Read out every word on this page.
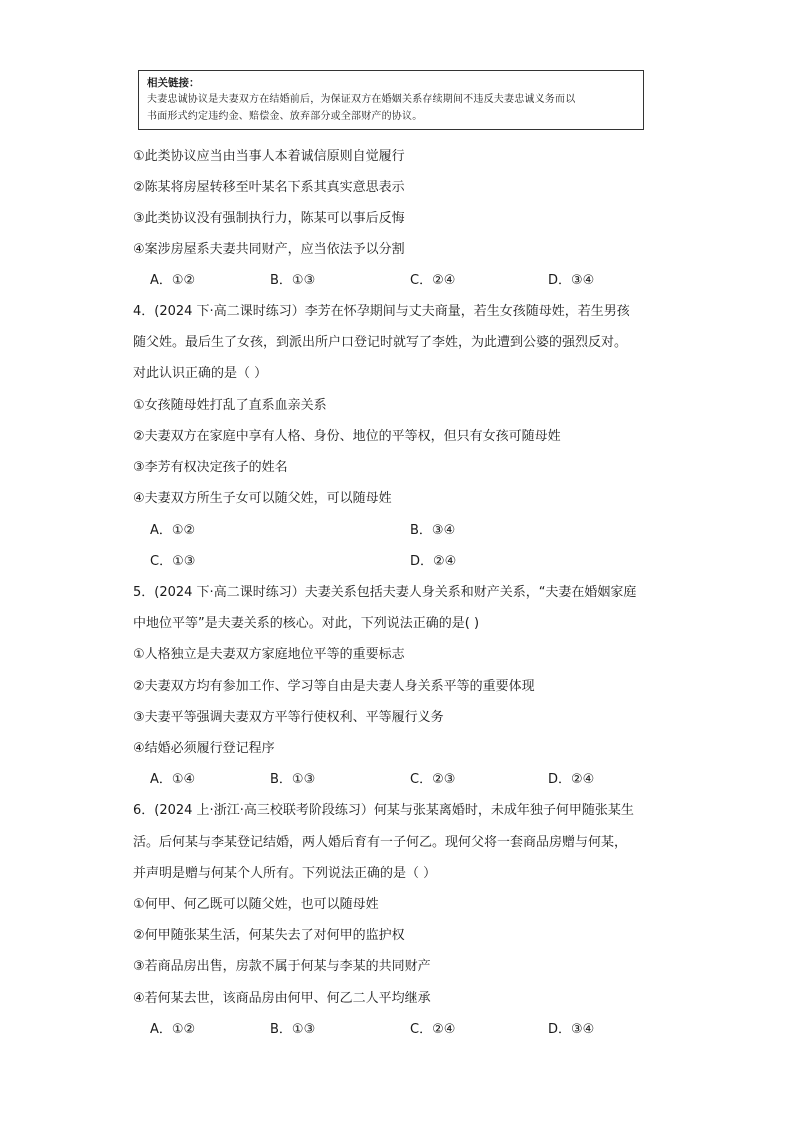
相关链接：
夫妻忠诚协议是夫妻双方在结婚前后，为保证双方在婚姻关系存续期间不违反夫妻忠诚义务而以
书面形式约定违约金、赔偿金、放弃部分或全部财产的协议。
①此类协议应当由当事人本着诚信原则自觉履行
②陈某将房屋转移至叶某名下系其真实意思表示
③此类协议没有强制执行力，陈某可以事后反悔
④案涉房屋系夫妻共同财产，应当依法予以分割
A．①②	B．①③	C．②④	D．③④
4．(2024 下·高二课时练习）李芳在怀孕期间与丈夫商量，若生女孩随母姓，若生男孩
随父姓。最后生了女孩，到派出所户口登记时就写了李姓，为此遭到公婆的强烈反对。
对此认识正确的是（ ）
①女孩随母姓打乱了直系血亲关系
②夫妻双方在家庭中享有人格、身份、地位的平等权，但只有女孩可随母姓
③李芳有权决定孩子的姓名
④夫妻双方所生子女可以随父姓，可以随母姓
A．①②	B．③④
C．①③	D．②④
5．(2024 下·高二课时练习）夫妻关系包括夫妻人身关系和财产关系，“夫妻在婚姻家庭
中地位平等”是夫妻关系的核心。对此，下列说法正确的是( )
①人格独立是夫妻双方家庭地位平等的重要标志
②夫妻双方均有参加工作、学习等自由是夫妻人身关系平等的重要体现
③夫妻平等强调夫妻双方平等行使权利、平等履行义务
④结婚必须履行登记程序
A．①④	B．①③	C．②③	D．②④
6．(2024 上·浙江·高三校联考阶段练习）何某与张某离婚时，未成年独子何甲随张某生
活。后何某与李某登记结婚，两人婚后育有一子何乙。现何父将一套商品房赠与何某，
并声明是赠与何某个人所有。下列说法正确的是（ ）
①何甲、何乙既可以随父姓，也可以随母姓
②何甲随张某生活，何某失去了对何甲的监护权
③若商品房出售，房款不属于何某与李某的共同财产
④若何某去世，该商品房由何甲、何乙二人平均继承
A．①②	B．①③	C．②④	D．③④
